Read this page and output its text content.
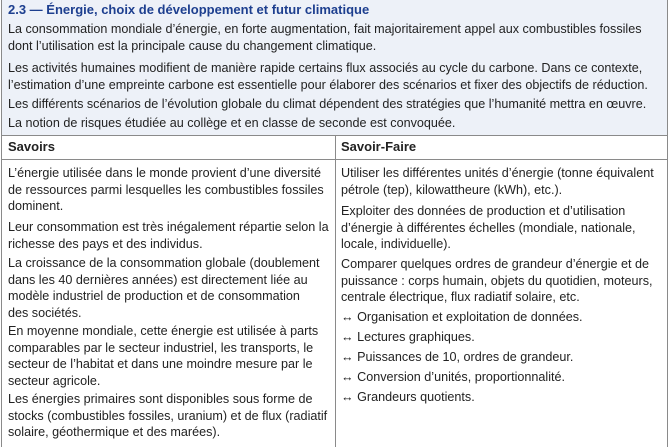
2.3 — Énergie, choix de développement et futur climatique
La consommation mondiale d’énergie, en forte augmentation, fait majoritairement appel aux combustibles fossiles
dont l’utilisation est la principale cause du changement climatique.
Les activités humaines modifient de manière rapide certains flux associés au cycle du carbone. Dans ce contexte,
l’estimation d’une empreinte carbone est essentielle pour élaborer des scénarios et fixer des objectifs de réduction.
Les différents scénarios de l’évolution globale du climat dépendent des stratégies que l’humanité mettra en œuvre.
La notion de risques étudiée au collège et en classe de seconde est convoquée.
Savoirs	Savoir-Faire
L’énergie utilisée dans le monde provient d’une diversité
de ressources parmi lesquelles les combustibles fossiles
dominent.
Leur consommation est très inégalement répartie selon la
richesse des pays et des individus.
La croissance de la consommation globale (doublement
dans les 40 dernières années) est directement liée au
modèle industriel de production et de consommation
des sociétés.
En moyenne mondiale, cette énergie est utilisée à parts
comparables par le secteur industriel, les transports, le
secteur de l’habitat et dans une moindre mesure par le
secteur agricole.
Les énergies primaires sont disponibles sous forme de
stocks (combustibles fossiles, uranium) et de flux (radiatif
solaire, géothermique et des marées).
Utiliser les différentes unités d’énergie (tonne équivalent
pétrole (tep), kilowattheure (kWh), etc.).
Exploiter des données de production et d’utilisation
d’énergie à différentes échelles (mondiale, nationale,
locale, individuelle).
Comparer quelques ordres de grandeur d’énergie et de
puissance : corps humain, objets du quotidien, moteurs,
centrale électrique, flux radiatif solaire, etc.
↔ Organisation et exploitation de données.
↔ Lectures graphiques.
↔ Puissances de 10, ordres de grandeur.
↔ Conversion d’unités, proportionnalité.
↔ Grandeurs quotients.
